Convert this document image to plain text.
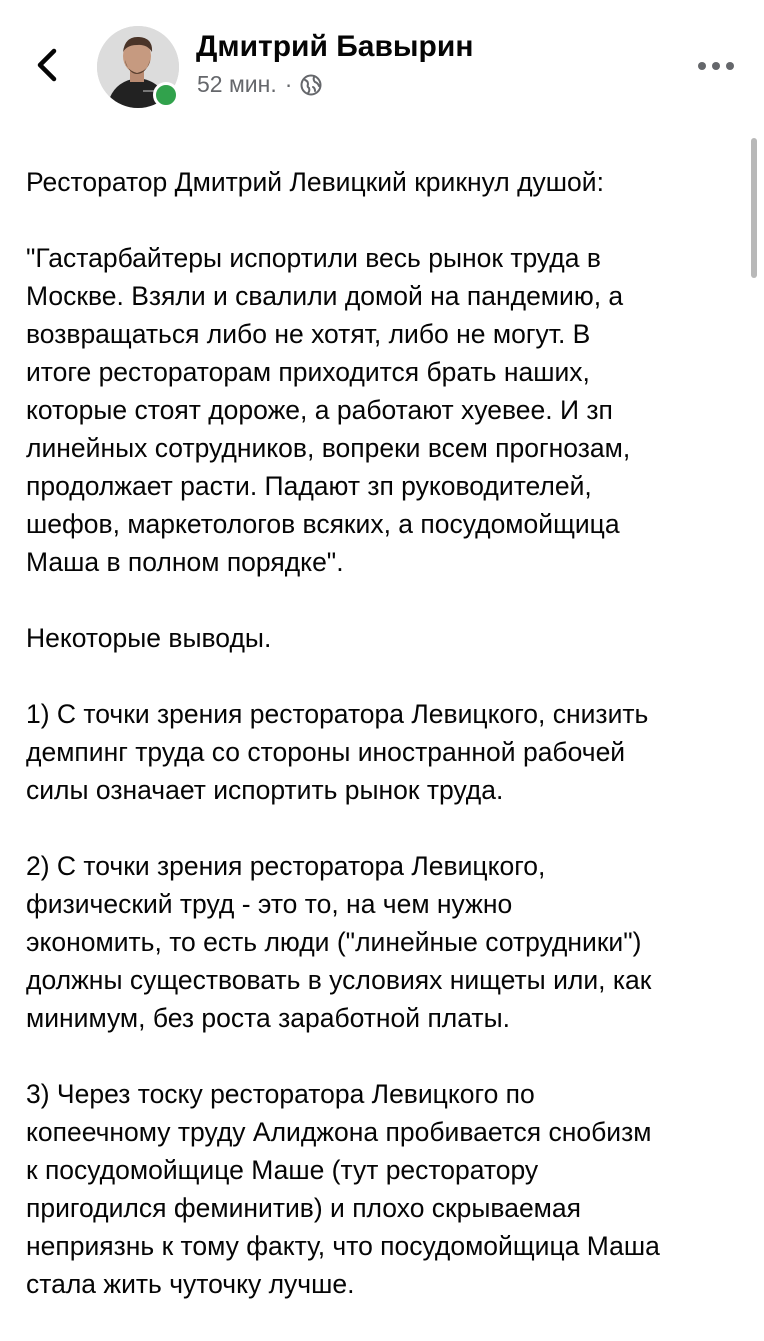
Дмитрий Бавырин
52 мин. ·

Ресторатор Дмитрий Левицкий крикнул душой:

"Гастарбайтеры испортили весь рынок труда в
Москве. Взяли и свалили домой на пандемию, а
возвращаться либо не хотят, либо не могут. В
итоге рестораторам приходится брать наших,
которые стоят дороже, а работают хуевее. И зп
линейных сотрудников, вопреки всем прогнозам,
продолжает расти. Падают зп руководителей,
шефов, маркетологов всяких, а посудомойщица
Маша в полном порядке".

Некоторые выводы.

1) С точки зрения ресторатора Левицкого, снизить
демпинг труда со стороны иностранной рабочей
силы означает испортить рынок труда.

2) С точки зрения ресторатора Левицкого,
физический труд - это то, на чем нужно
экономить, то есть люди ("линейные сотрудники")
должны существовать в условиях нищеты или, как
минимум, без роста заработной платы.

3) Через тоску ресторатора Левицкого по
копеечному труду Алиджона пробивается снобизм
к посудомойщице Маше (тут ресторатору
пригодился феминитив) и плохо скрываемая
неприязнь к тому факту, что посудомойщица Маша
стала жить чуточку лучше.
